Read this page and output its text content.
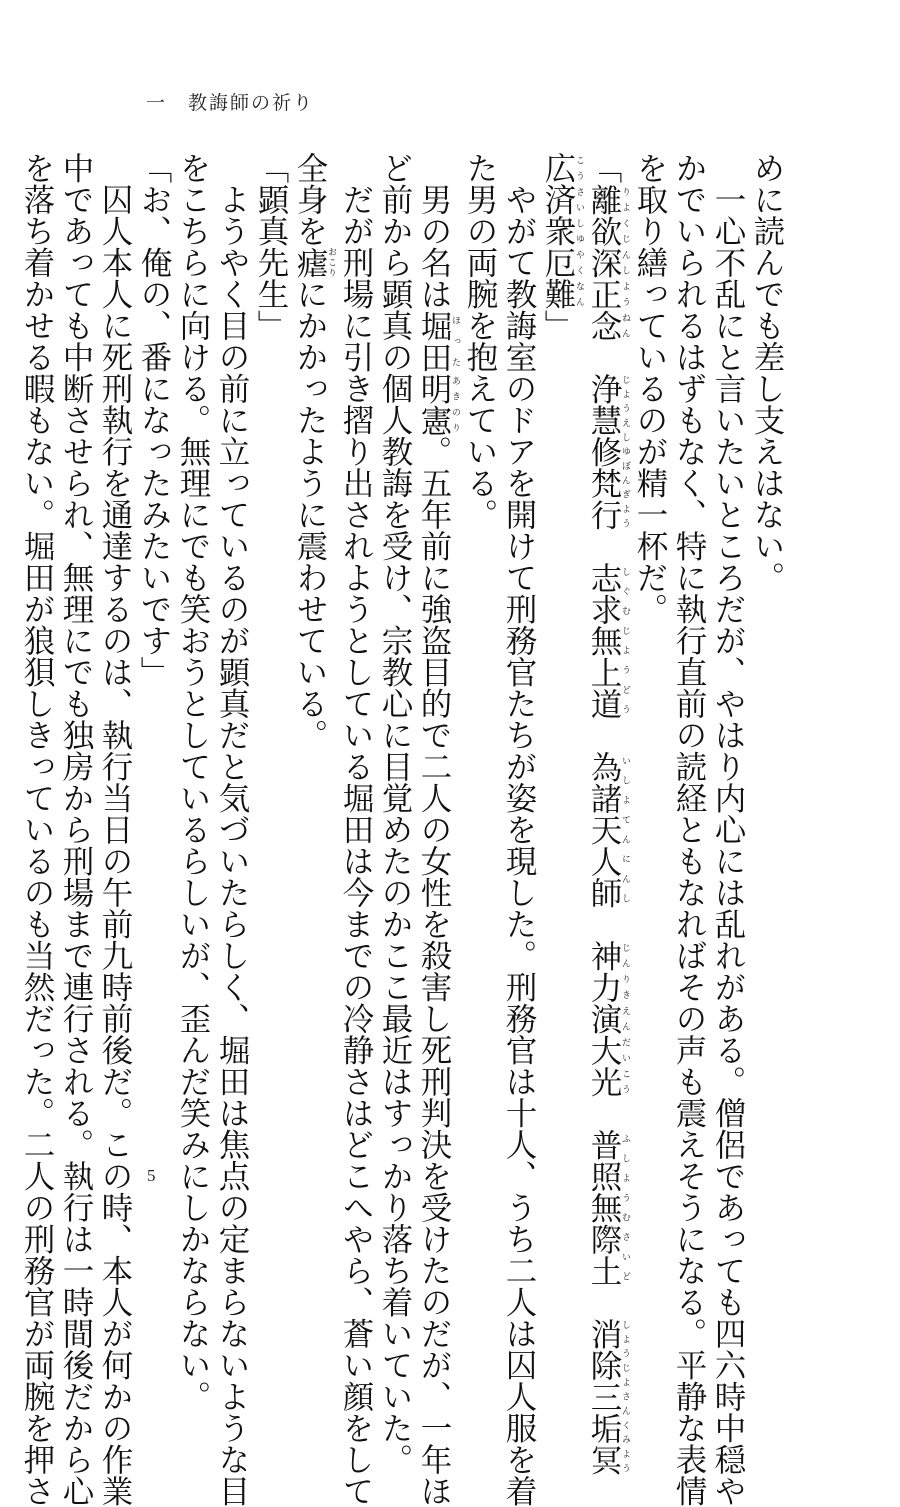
一　教誨師の祈り

めに読んでも差し支えはない。

　一心不乱にと言いたいところだが、やはり内心には乱れがある。僧侶であっても四六時中穏や

かでいられるはずもなく、特に執行直前の読経ともなればその声も震えそうになる。平静な表情

を取り繕っているのが精一杯だ。

「離欲深正念りよくじんしようねん　浄慧修梵行じようえしゆぼんぎよう　志求無上道しぐむじようどう　為諸天人師いしよてんにんし　神力演大光じんりきえんだいこう　普照無際土ふしようむさいど　消除三垢冥しようじよさんくみよう

広済衆厄難こうさいしゆやくなん」

　やがて教誨室のドアを開けて刑務官たちが姿を現した。刑務官は十人、うち二人は囚人服を着

た男の両腕を抱えている。

　男の名は堀田ほった明憲あきのり。五年前に強盗目的で二人の女性を殺害し死刑判決を受けたのだが、一年ほ

ど前から顕真の個人教誨を受け、宗教心に目覚めたのかここ最近はすっかり落ち着いていた。

　だが刑場に引き摺り出されようとしている堀田は今までの冷静さはどこへやら、蒼い顔をして

全身を瘧おこりにかかったように震わせている。

「顕真先生」

　ようやく目の前に立っているのが顕真だと気づいたらしく、堀田は焦点の定まらないような目

をこちらに向ける。無理にでも笑おうとしているらしいが、歪んだ笑みにしかならない。

「お、俺の、番になったみたいです」

　囚人本人に死刑執行を通達するのは、執行当日の午前九時前後だ。この時、本人が何かの作業

中であっても中断させられ、無理にでも独房から刑場まで連行される。執行は一時間後だから心

を落ち着かせる暇もない。堀田が狼狽しきっているのも当然だった。二人の刑務官が両腕を押さ	5
